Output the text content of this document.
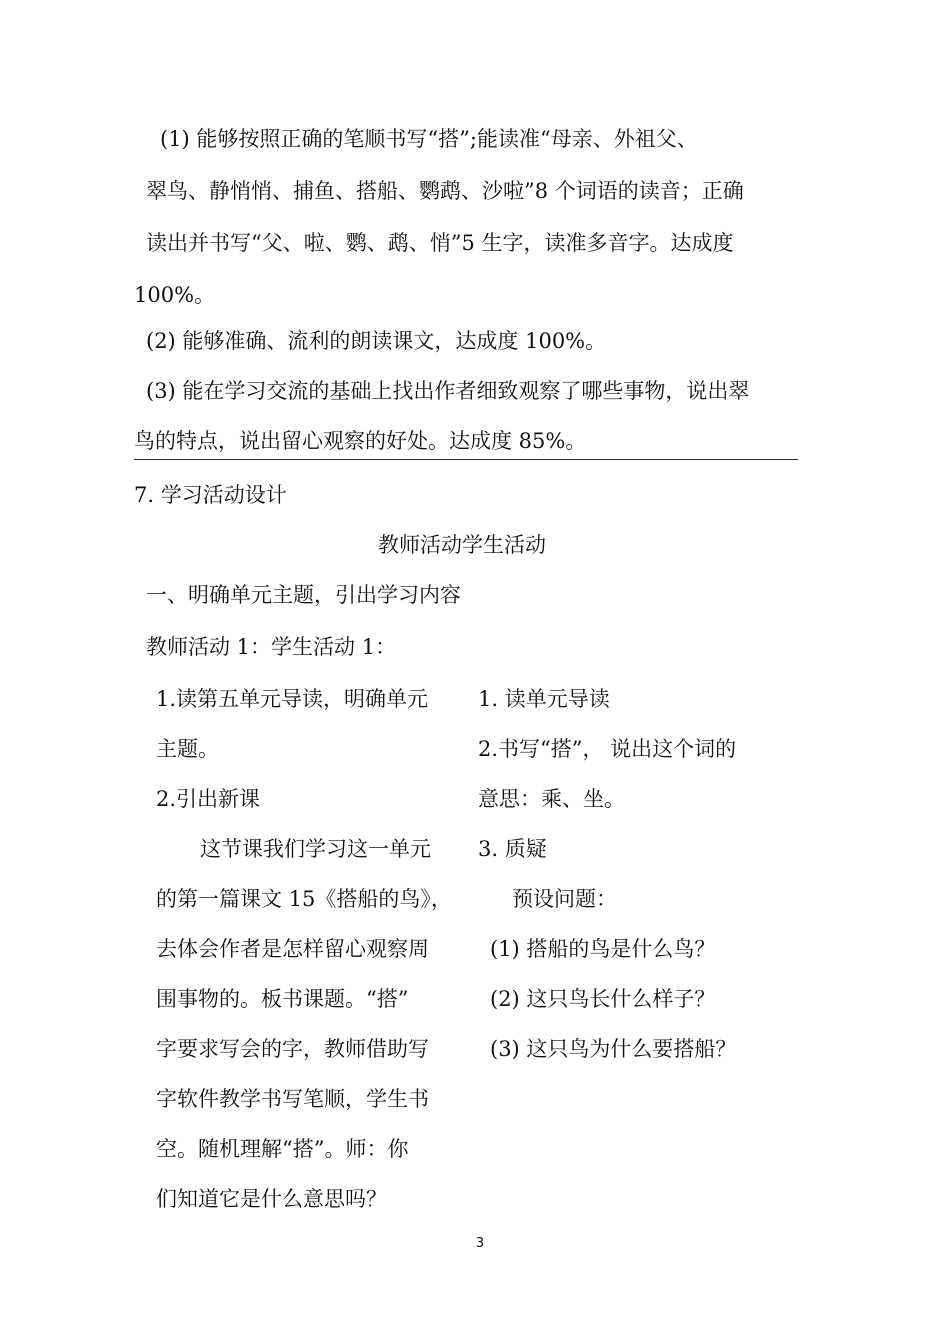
(1) 能够按照正确的笔顺书写“搭”;能读准“母亲、外祖父、
翠鸟、静悄悄、捕鱼、搭船、鹦鹉、沙啦”8 个词语的读音；正确
读出并书写“父、啦、鹦、鹉、悄”5 生字，读准多音字。达成度
100%。
(2) 能够准确、流利的朗读课文，达成度 100%。
(3) 能在学习交流的基础上找出作者细致观察了哪些事物，说出翠
鸟的特点，说出留心观察的好处。达成度 85%。
7. 学习活动设计
教师活动学生活动
一、明确单元主题，引出学习内容
教师活动 1：学生活动 1：
1.读第五单元导读，明确单元
主题。
2.引出新课
这节课我们学习这一单元
的第一篇课文 15《搭船的鸟》，
去体会作者是怎样留心观察周
围事物的。板书课题。“搭”
字要求写会的字，教师借助写
字软件教学书写笔顺，学生书
空。随机理解“搭”。师：你
们知道它是什么意思吗？
1. 读单元导读
2.书写“搭”， 说出这个词的
意思：乘、坐。
3. 质疑
预设问题：
(1) 搭船的鸟是什么鸟？
(2) 这只鸟长什么样子？
(3) 这只鸟为什么要搭船？
3
